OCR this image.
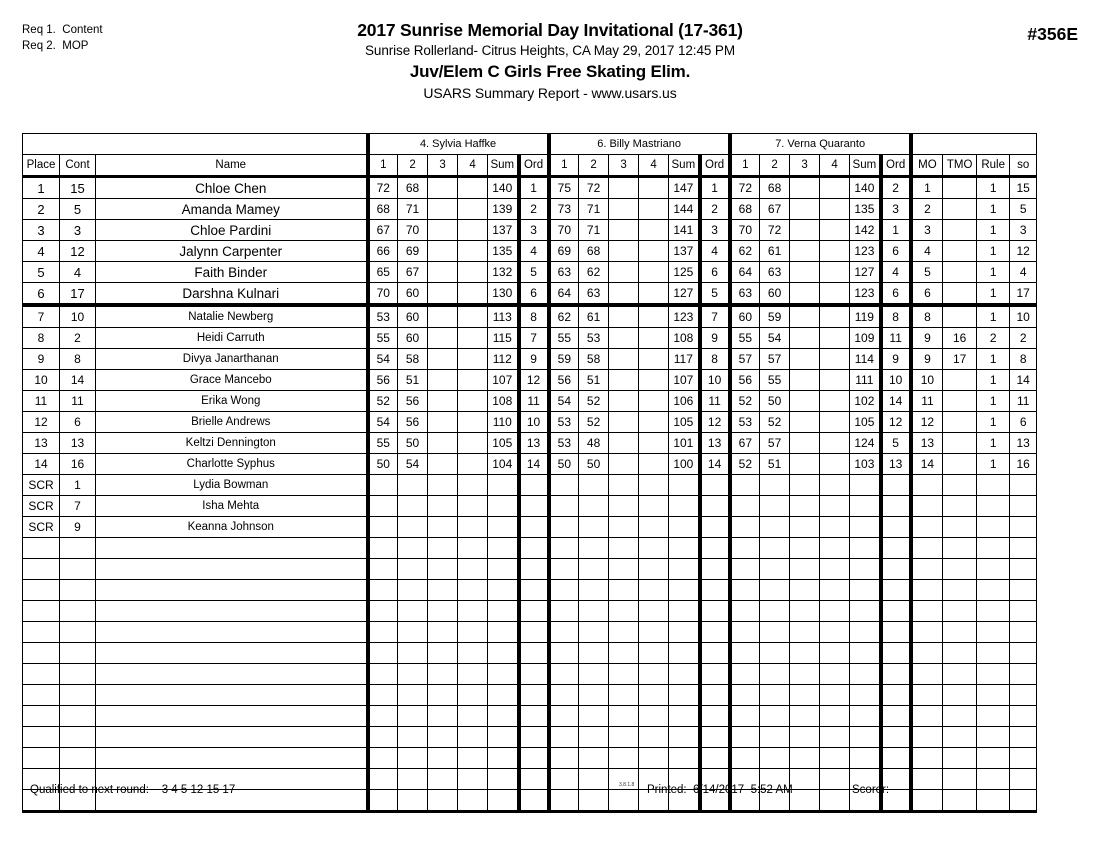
Req 1.  Content
Req 2.  MOP
2017 Sunrise Memorial Day Invitational (17-361)
Sunrise Rollerland- Citrus Heights, CA May 29, 2017 12:45 PM
Juv/Elem C Girls Free Skating Elim.
USARS Summary Report - www.usars.us
#356E
			4. Sylvia Haffke						6. Billy Mastriano						7. Verna Quaranto									
Place	Cont	Name	1	2	3	4	Sum	Ord	1	2	3	4	Sum	Ord	1	2	3	4	Sum	Ord	MO	TMO	Rule	so
1	15	Chloe Chen	72	68			140	1	75	72			147	1	72	68			140	2	1		1	15
2	5	Amanda Mamey	68	71			139	2	73	71			144	2	68	67			135	3	2		1	5
3	3	Chloe Pardini	67	70			137	3	70	71			141	3	70	72			142	1	3		1	3
4	12	Jalynn Carpenter	66	69			135	4	69	68			137	4	62	61			123	6	4		1	12
5	4	Faith Binder	65	67			132	5	63	62			125	6	64	63			127	4	5		1	4
6	17	Darshna Kulnari	70	60			130	6	64	63			127	5	63	60			123	6	6		1	17
7	10	Natalie Newberg	53	60			113	8	62	61			123	7	60	59			119	8	8		1	10
8	2	Heidi Carruth	55	60			115	7	55	53			108	9	55	54			109	11	9	16	2	2
9	8	Divya Janarthanan	54	58			112	9	59	58			117	8	57	57			114	9	9	17	1	8
10	14	Grace Mancebo	56	51			107	12	56	51			107	10	56	55			111	10	10		1	14
11	11	Erika Wong	52	56			108	11	54	52			106	11	52	50			102	14	11		1	11
12	6	Brielle Andrews	54	56			110	10	53	52			105	12	53	52			105	12	12		1	6
13	13	Keltzi Dennington	55	50			105	13	53	48			101	13	67	57			124	5	13		1	13
14	16	Charlotte Syphus	50	54			104	14	50	50			100	14	52	51			103	13	14		1	16
SCR	1	Lydia Bowman																						
SCR	7	Isha Mehta																						
SCR	9	Keanna Johnson																						

Qualified to next round:    3 4 5 12 15 17	3.8.1.8 Printed:  6/14/2017  5:52 AM	Scorer:
